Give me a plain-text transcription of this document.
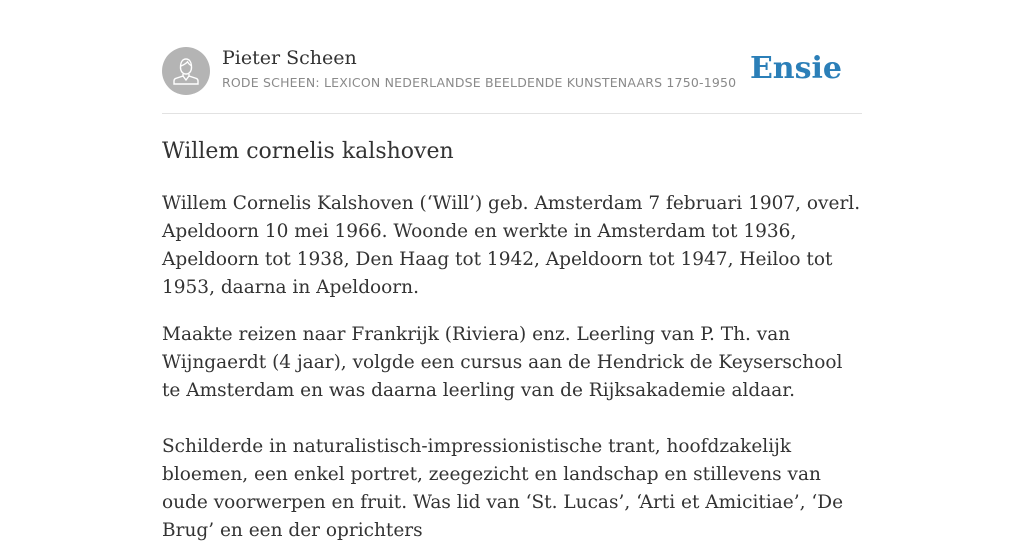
Pieter Scheen
RODE SCHEEN: LEXICON NEDERLANDSE BEELDENDE KUNSTENAARS 1750-1950 Ensie
Willem cornelis kalshoven

Willem Cornelis Kalshoven (‘Will’) geb. Amsterdam 7 februari 1907, overl. Apeldoorn 10 mei 1966. Woonde en werkte in Amsterdam tot 1936, Apeldoorn tot 1938, Den Haag tot 1942, Apeldoorn tot 1947, Heiloo tot 1953, daarna in Apeldoorn.

Maakte reizen naar Frankrijk (Riviera) enz. Leerling van P. Th. van Wijngaerdt (4 jaar), volgde een cursus aan de Hendrick de Keyserschool te Amsterdam en was daarna leerling van de Rijksakademie aldaar.

Schilderde in naturalistisch-impressionistische trant, hoofdzakelijk bloemen, een enkel portret, zeegezicht en landschap en stillevens van oude voorwerpen en fruit. Was lid van ‘St. Lucas’, ‘Arti et Amicitiae’, ‘De Brug’ en een der oprichters
